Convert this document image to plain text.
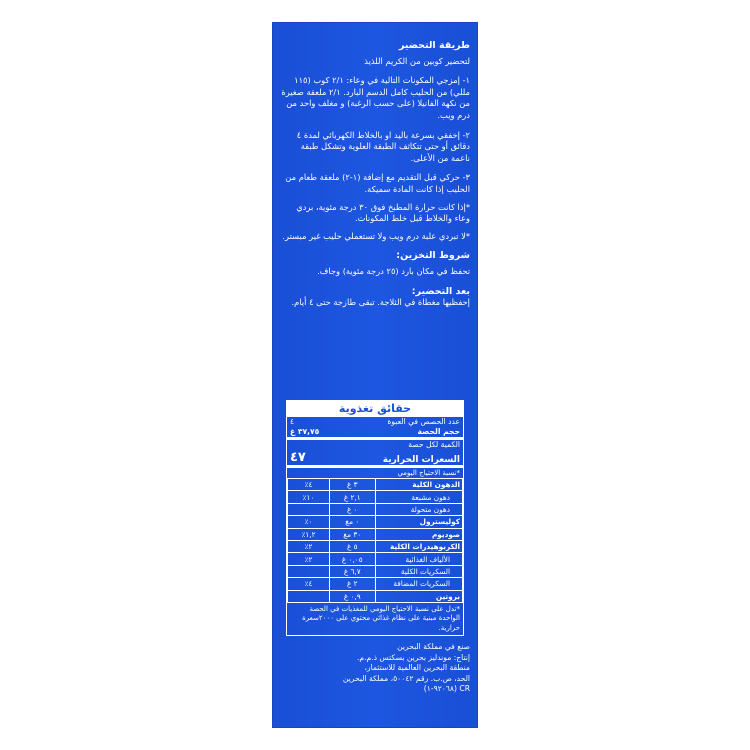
طريقة التحضير

لتحضير كوبين من الكريم اللذيذ

١- إمزجي المكونات التالية في وعاء: ٢/١ كوب (١١٥ مللي) من الحليب كامل الدسم البارد. ٢/١ ملعقة صغيرة من نكهة الفانيلا (على حسب الرغبة) و مغلف واحد من درم ويب.

٢- إخفقي بسرعة باليد او بالخلاط الكهربائي لمدة ٤ دقائق أو حتى تتكاثف الطبقة العلوية وتشكل طبقة ناعمة من الأعلى.

٣- حركي قبل التقديم مع إضافة (١-٢) ملعقة طعام من الحليب إذا كانت المادة سميكة.

*إذا كانت حرارة المطبخ فوق ٣٠ درجة مئوية، بردي وعاء والخلاط قبل خلط المكونات.

*لا تبردي علبة درم ويب ولا تستعملي حليب غير مبستر.

شروط التخزين:

تحفظ في مكان بارد (٢٥ درجة مئوية) وجاف.

بعد التحضير:

إحفظيها مغطاة في الثلاجة. تبقى طازجة حتى ٤ أيام.

حقائق تغذوية
عدد الحصص في العبوة
٤
حجم الحصة
٣٧,٧٥ غ
الكمية لكل حصة
السعرات الحرارية
٤٧
*نسبة الاحتياج اليومي
الدهون الكلية	٣ غ	٤٪
دهون مشبعة	٢,١ غ	١٠٪
دهون متحولة	٠ غ	
كوليسترول	٠ مغ	٠٪
صوديوم	٣٠ مغ	١,٢٪
الكربوهيدرات الكلية	٥ غ	٢٪
الألياف الغذائية	٠,٠٥ غ	٢٪
السكريات الكلية	٦,٧ غ	
السكريات المضافة	٢ غ	٤٪
بروتين	٠,٩ غ	
*تدل على نسبة الاحتياج اليومي للمغذيات في الحصة الواحدة مبنية على نظام غذائي محتوي على ٢٠٠٠سعرة حرارية.

صنع في مملكة البحرين

إنتاج: موندليز بحرين بسكتس ذ.م.م.

منطقة البحرين العالمية للاستثمار،

الحد، ص.ب. رقم ٥٠٠٤٢، مملكة البحرين

CR (٩٢٠٦٨-١)
